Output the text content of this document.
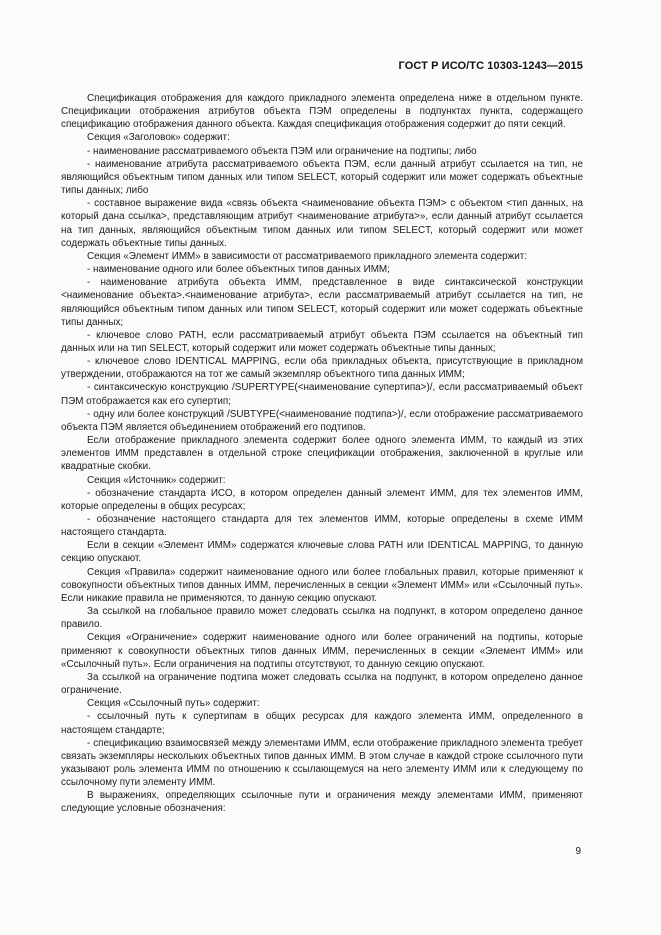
ГОСТ Р ИСО/ТС 10303-1243—2015

Спецификация отображения для каждого прикладного элемента определена ниже в отдельном пункте. Спецификации отображения атрибутов объекта ПЭМ определены в подпунктах пункта, содержащего спецификацию отображения данного объекта. Каждая спецификация отображения содержит до пяти секций.

Секция «Заголовок» содержит:

- наименование рассматриваемого объекта ПЭМ или ограничение на подтипы; либо

- наименование атрибута рассматриваемого объекта ПЭМ, если данный атрибут ссылается на тип, не являющийся объектным типом данных или типом SELECT, который содержит или может содержать объектные типы данных; либо

- составное выражение вида «связь объекта <наименование объекта ПЭМ> с объектом <тип данных, на который дана ссылка>, представляющим атрибут <наименование атрибута>», если данный атрибут ссылается на тип данных, являющийся объектным типом данных или типом SELECT, который содержит или может содержать объектные типы данных.

Секция «Элемент ИММ» в зависимости от рассматриваемого прикладного элемента содержит:

- наименование одного или более объектных типов данных ИММ;

- наименование атрибута объекта ИММ, представленное в виде синтаксической конструкции <наименование объекта>.<наименование атрибута>, если рассматриваемый атрибут ссылается на тип, не являющийся объектным типом данных или типом SELECT, который содержит или может содержать объектные типы данных;

- ключевое слово PATH, если рассматриваемый атрибут объекта ПЭМ ссылается на объектный тип данных или на тип SELECT, который содержит или может содержать объектные типы данных;

- ключевое слово IDENTICAL MAPPING, если оба прикладных объекта, присутствующие в прикладном утверждении, отображаются на тот же самый экземпляр объектного типа данных ИММ;

- синтаксическую конструкцию /SUPERTYPE(<наименование супертипа>)/, если рассматриваемый объект ПЭМ отображается как его супертип;

- одну или более конструкций /SUBTYPE(<наименование подтипа>)/, если отображение рассматриваемого объекта ПЭМ является объединением отображений его подтипов.

Если отображение прикладного элемента содержит более одного элемента ИММ, то каждый из этих элементов ИММ представлен в отдельной строке спецификации отображения, заключенной в круглые или квадратные скобки.

Секция «Источник» содержит:

- обозначение стандарта ИСО, в котором определен данный элемент ИММ, для тех элементов ИММ, которые определены в общих ресурсах;

- обозначение настоящего стандарта для тех элементов ИММ, которые определены в схеме ИММ настоящего стандарта.

Если в секции «Элемент ИММ» содержатся ключевые слова PATH или IDENTICAL MAPPING, то данную секцию опускают.

Секция «Правила» содержит наименование одного или более глобальных правил, которые применяют к совокупности объектных типов данных ИММ, перечисленных в секции «Элемент ИММ» или «Ссылочный путь». Если никакие правила не применяются, то данную секцию опускают.

За ссылкой на глобальное правило может следовать ссылка на подпункт, в котором определено данное правило.

Секция «Ограничение» содержит наименование одного или более ограничений на подтипы, которые применяют к совокупности объектных типов данных ИММ, перечисленных в секции «Элемент ИММ» или «Ссылочный путь». Если ограничения на подтипы отсутствуют, то данную секцию опускают.

За ссылкой на ограничение подтипа может следовать ссылка на подпункт, в котором определено данное ограничение.

Секция «Ссылочный путь» содержит:

- ссылочный путь к супертипам в общих ресурсах для каждого элемента ИММ, определенного в настоящем стандарте;

- спецификацию взаимосвязей между элементами ИММ, если отображение прикладного элемента требует связать экземпляры нескольких объектных типов данных ИММ. В этом случае в каждой строке ссылочного пути указывают роль элемента ИММ по отношению к ссылающемуся на него элементу ИММ или к следующему по ссылочному пути элементу ИММ.

В выражениях, определяющих ссылочные пути и ограничения между элементами ИММ, применяют следующие условные обозначения:

9
